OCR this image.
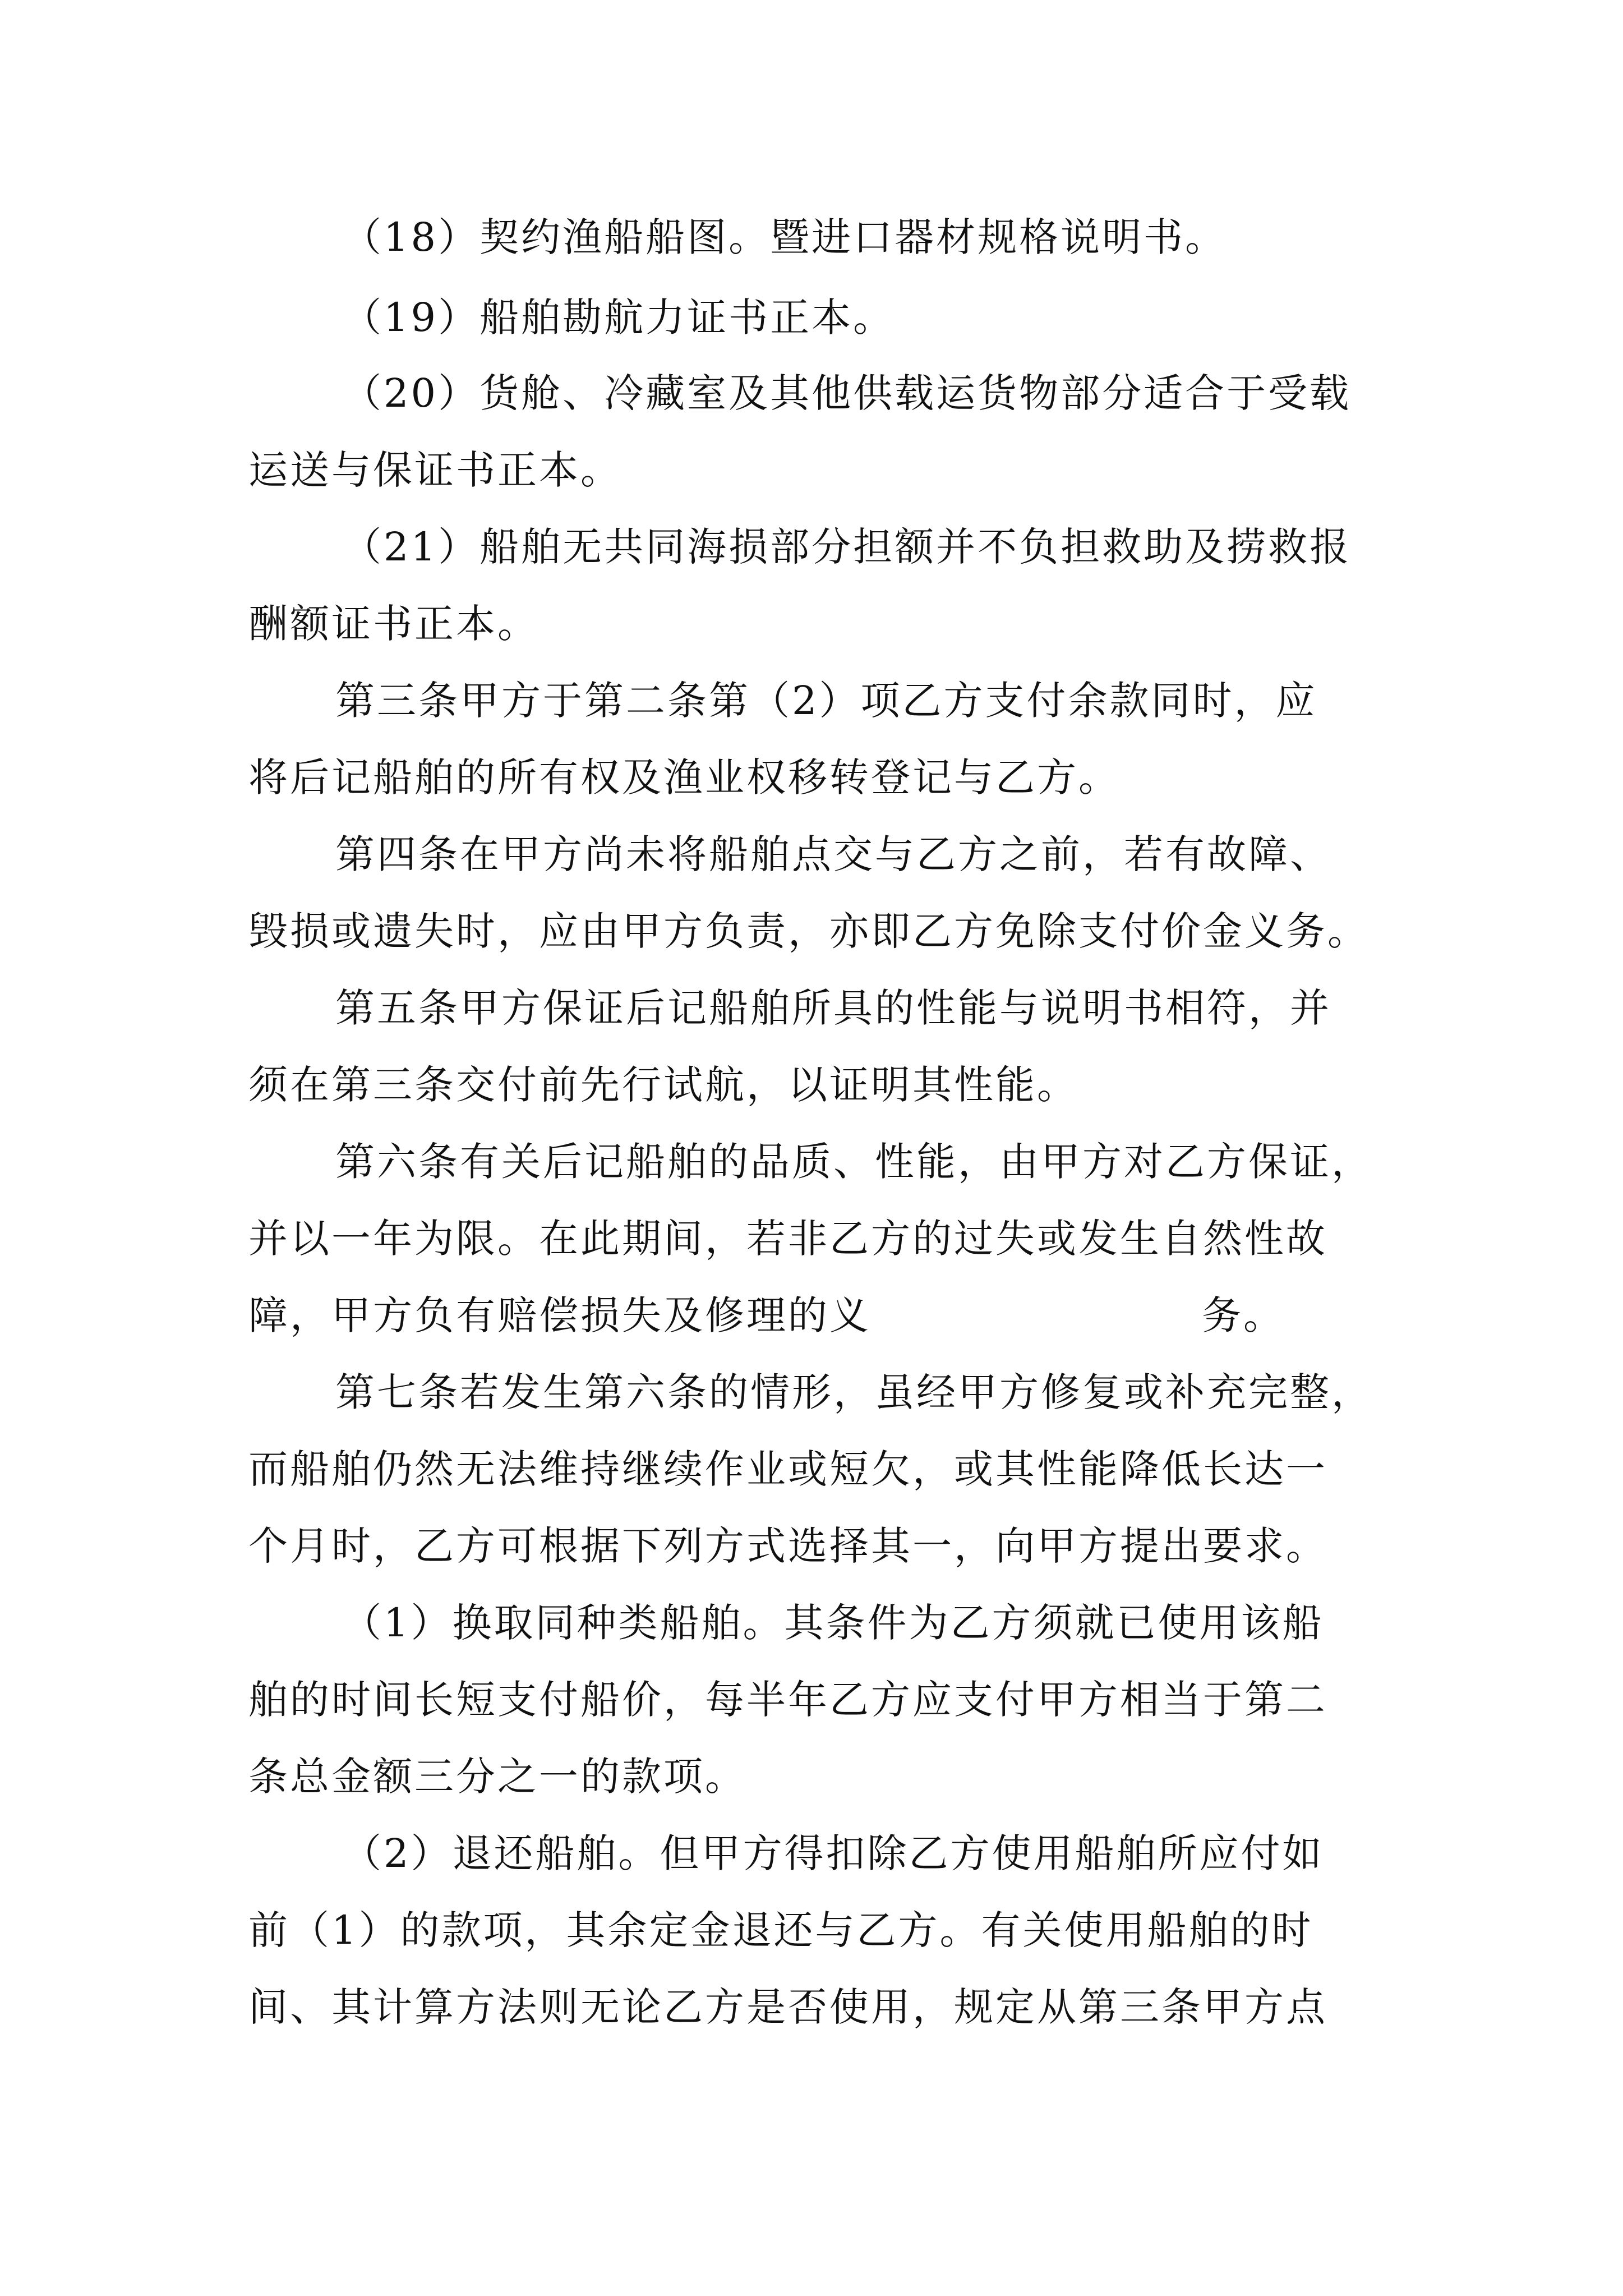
（18）契约渔船船图。暨进口器材规格说明书。
（19）船舶勘航力证书正本。
（20）货舱、冷藏室及其他供载运货物部分适合于受载
运送与保证书正本。
（21）船舶无共同海损部分担额并不负担救助及捞救报
酬额证书正本。
第三条甲方于第二条第（2）项乙方支付余款同时，应
将后记船舶的所有权及渔业权移转登记与乙方。
第四条在甲方尚未将船舶点交与乙方之前，若有故障、
毁损或遗失时，应由甲方负责，亦即乙方免除支付价金义务。
第五条甲方保证后记船舶所具的性能与说明书相符，并
须在第三条交付前先行试航，以证明其性能。
第六条有关后记船舶的品质、性能，由甲方对乙方保证，
并以一年为限。在此期间，若非乙方的过失或发生自然性故
障，甲方负有赔偿损失及修理的义	务。
第七条若发生第六条的情形，虽经甲方修复或补充完整，
而船舶仍然无法维持继续作业或短欠，或其性能降低长达一
个月时，乙方可根据下列方式选择其一，向甲方提出要求。
（1）换取同种类船舶。其条件为乙方须就已使用该船
舶的时间长短支付船价，每半年乙方应支付甲方相当于第二
条总金额三分之一的款项。
（2）退还船舶。但甲方得扣除乙方使用船舶所应付如
前（1）的款项，其余定金退还与乙方。有关使用船舶的时
间、其计算方法则无论乙方是否使用，规定从第三条甲方点
